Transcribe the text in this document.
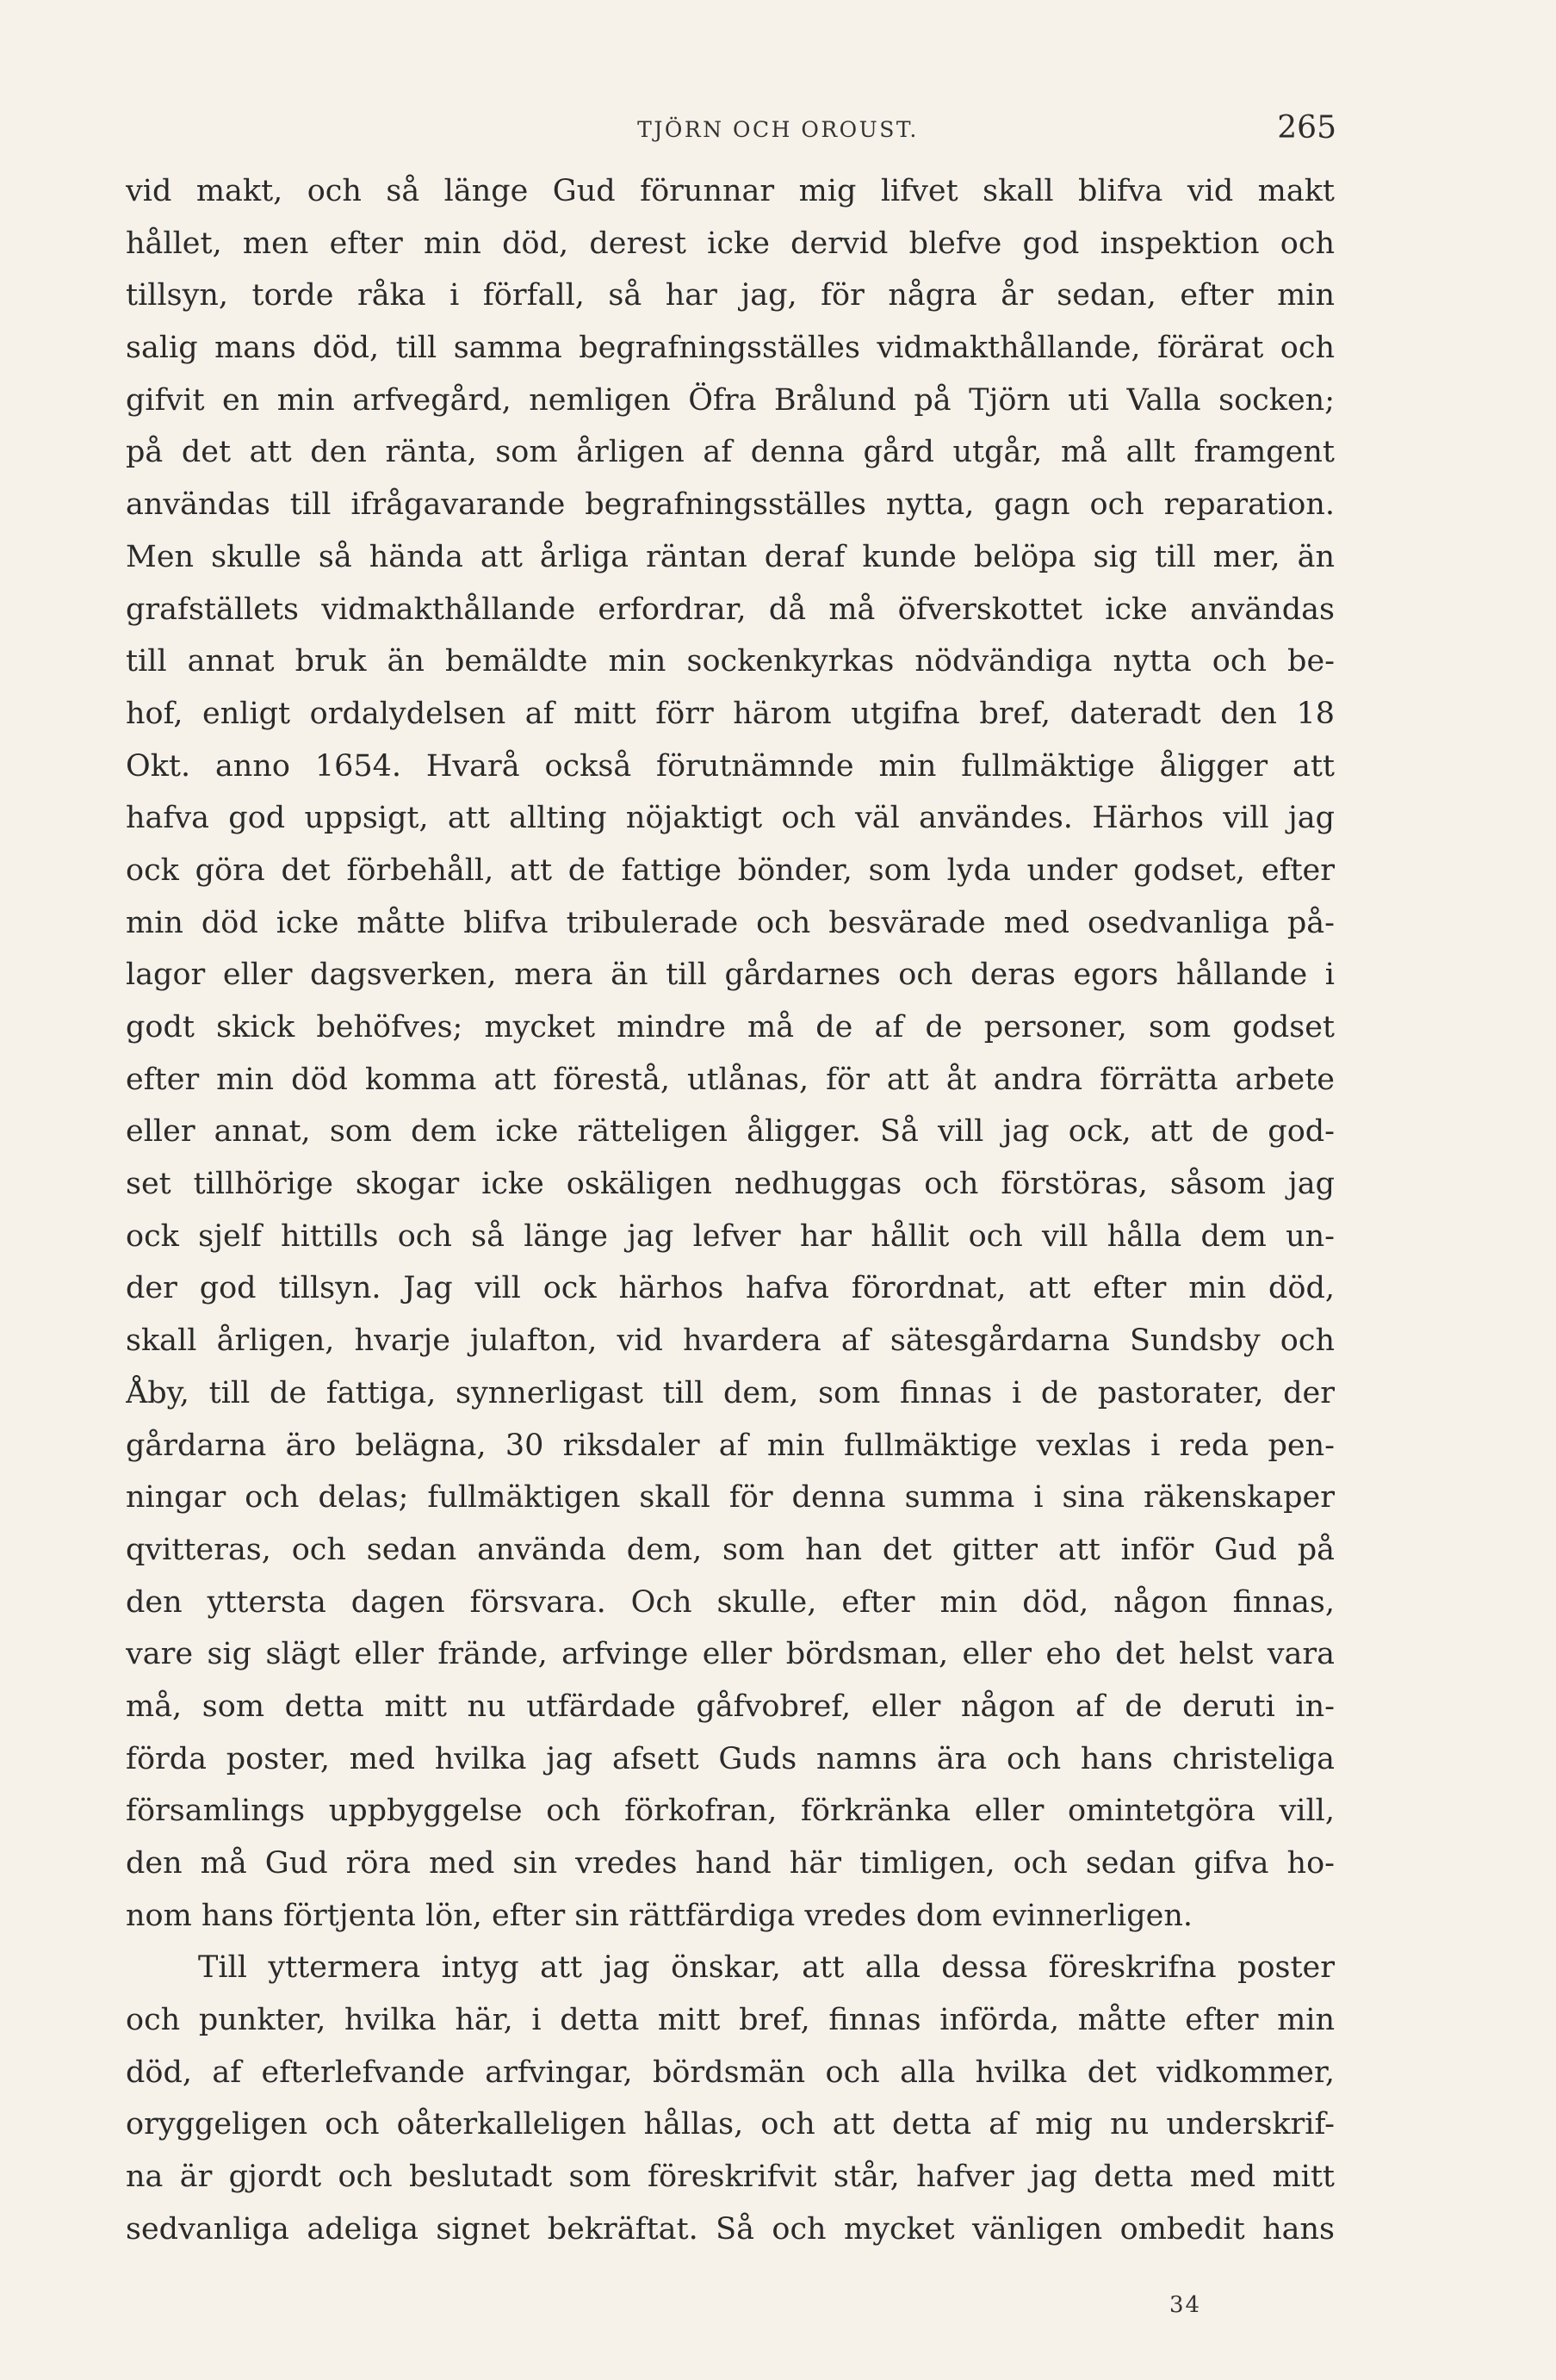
TJÖRN OCH OROUST.	265
vid makt, och så länge Gud förunnar mig lifvet skall blifva vid makt
hållet, men efter min död, derest icke dervid blefve god inspektion och
tillsyn, torde råka i förfall, så har jag, för några år sedan, efter min
salig mans död, till samma begrafningsställes vidmakthållande, förärat och
gifvit en min arfvegård, nemligen Öfra Brålund på Tjörn uti Valla socken;
på det att den ränta, som årligen af denna gård utgår, må allt framgent
användas till ifrågavarande begrafningsställes nytta, gagn och reparation.
Men skulle så hända att årliga räntan deraf kunde belöpa sig till mer, än
grafställets vidmakthållande erfordrar, då må öfverskottet icke användas
till annat bruk än bemäldte min sockenkyrkas nödvändiga nytta och be-
hof, enligt ordalydelsen af mitt förr härom utgifna bref, dateradt den 18
Okt. anno 1654. Hvarå också förutnämnde min fullmäktige åligger att
hafva god uppsigt, att allting nöjaktigt och väl användes. Härhos vill jag
ock göra det förbehåll, att de fattige bönder, som lyda under godset, efter
min död icke måtte blifva tribulerade och besvärade med osedvanliga på-
lagor eller dagsverken, mera än till gårdarnes och deras egors hållande i
godt skick behöfves; mycket mindre må de af de personer, som godset
efter min död komma att förestå, utlånas, för att åt andra förrätta arbete
eller annat, som dem icke rätteligen åligger. Så vill jag ock, att de god-
set tillhörige skogar icke oskäligen nedhuggas och förstöras, såsom jag
ock sjelf hittills och så länge jag lefver har hållit och vill hålla dem un-
der god tillsyn. Jag vill ock härhos hafva förordnat, att efter min död,
skall årligen, hvarje julafton, vid hvardera af sätesgårdarna Sundsby och
Åby, till de fattiga, synnerligast till dem, som finnas i de pastorater, der
gårdarna äro belägna, 30 riksdaler af min fullmäktige vexlas i reda pen-
ningar och delas; fullmäktigen skall för denna summa i sina räkenskaper
qvitteras, och sedan använda dem, som han det gitter att inför Gud på
den yttersta dagen försvara. Och skulle, efter min död, någon finnas,
vare sig slägt eller frände, arfvinge eller bördsman, eller eho det helst vara
må, som detta mitt nu utfärdade gåfvobref, eller någon af de deruti in-
förda poster, med hvilka jag afsett Guds namns ära och hans christeliga
församlings uppbyggelse och förkofran, förkränka eller omintetgöra vill,
den må Gud röra med sin vredes hand här timligen, och sedan gifva ho-
nom hans förtjenta lön, efter sin rättfärdiga vredes dom evinnerligen.
Till yttermera intyg att jag önskar, att alla dessa föreskrifna poster
och punkter, hvilka här, i detta mitt bref, finnas införda, måtte efter min
död, af efterlefvande arfvingar, bördsmän och alla hvilka det vidkommer,
oryggeligen och oåterkalleligen hållas, och att detta af mig nu underskrif-
na är gjordt och beslutadt som föreskrifvit står, hafver jag detta med mitt
sedvanliga adeliga signet bekräftat. Så och mycket vänligen ombedit hans
34
